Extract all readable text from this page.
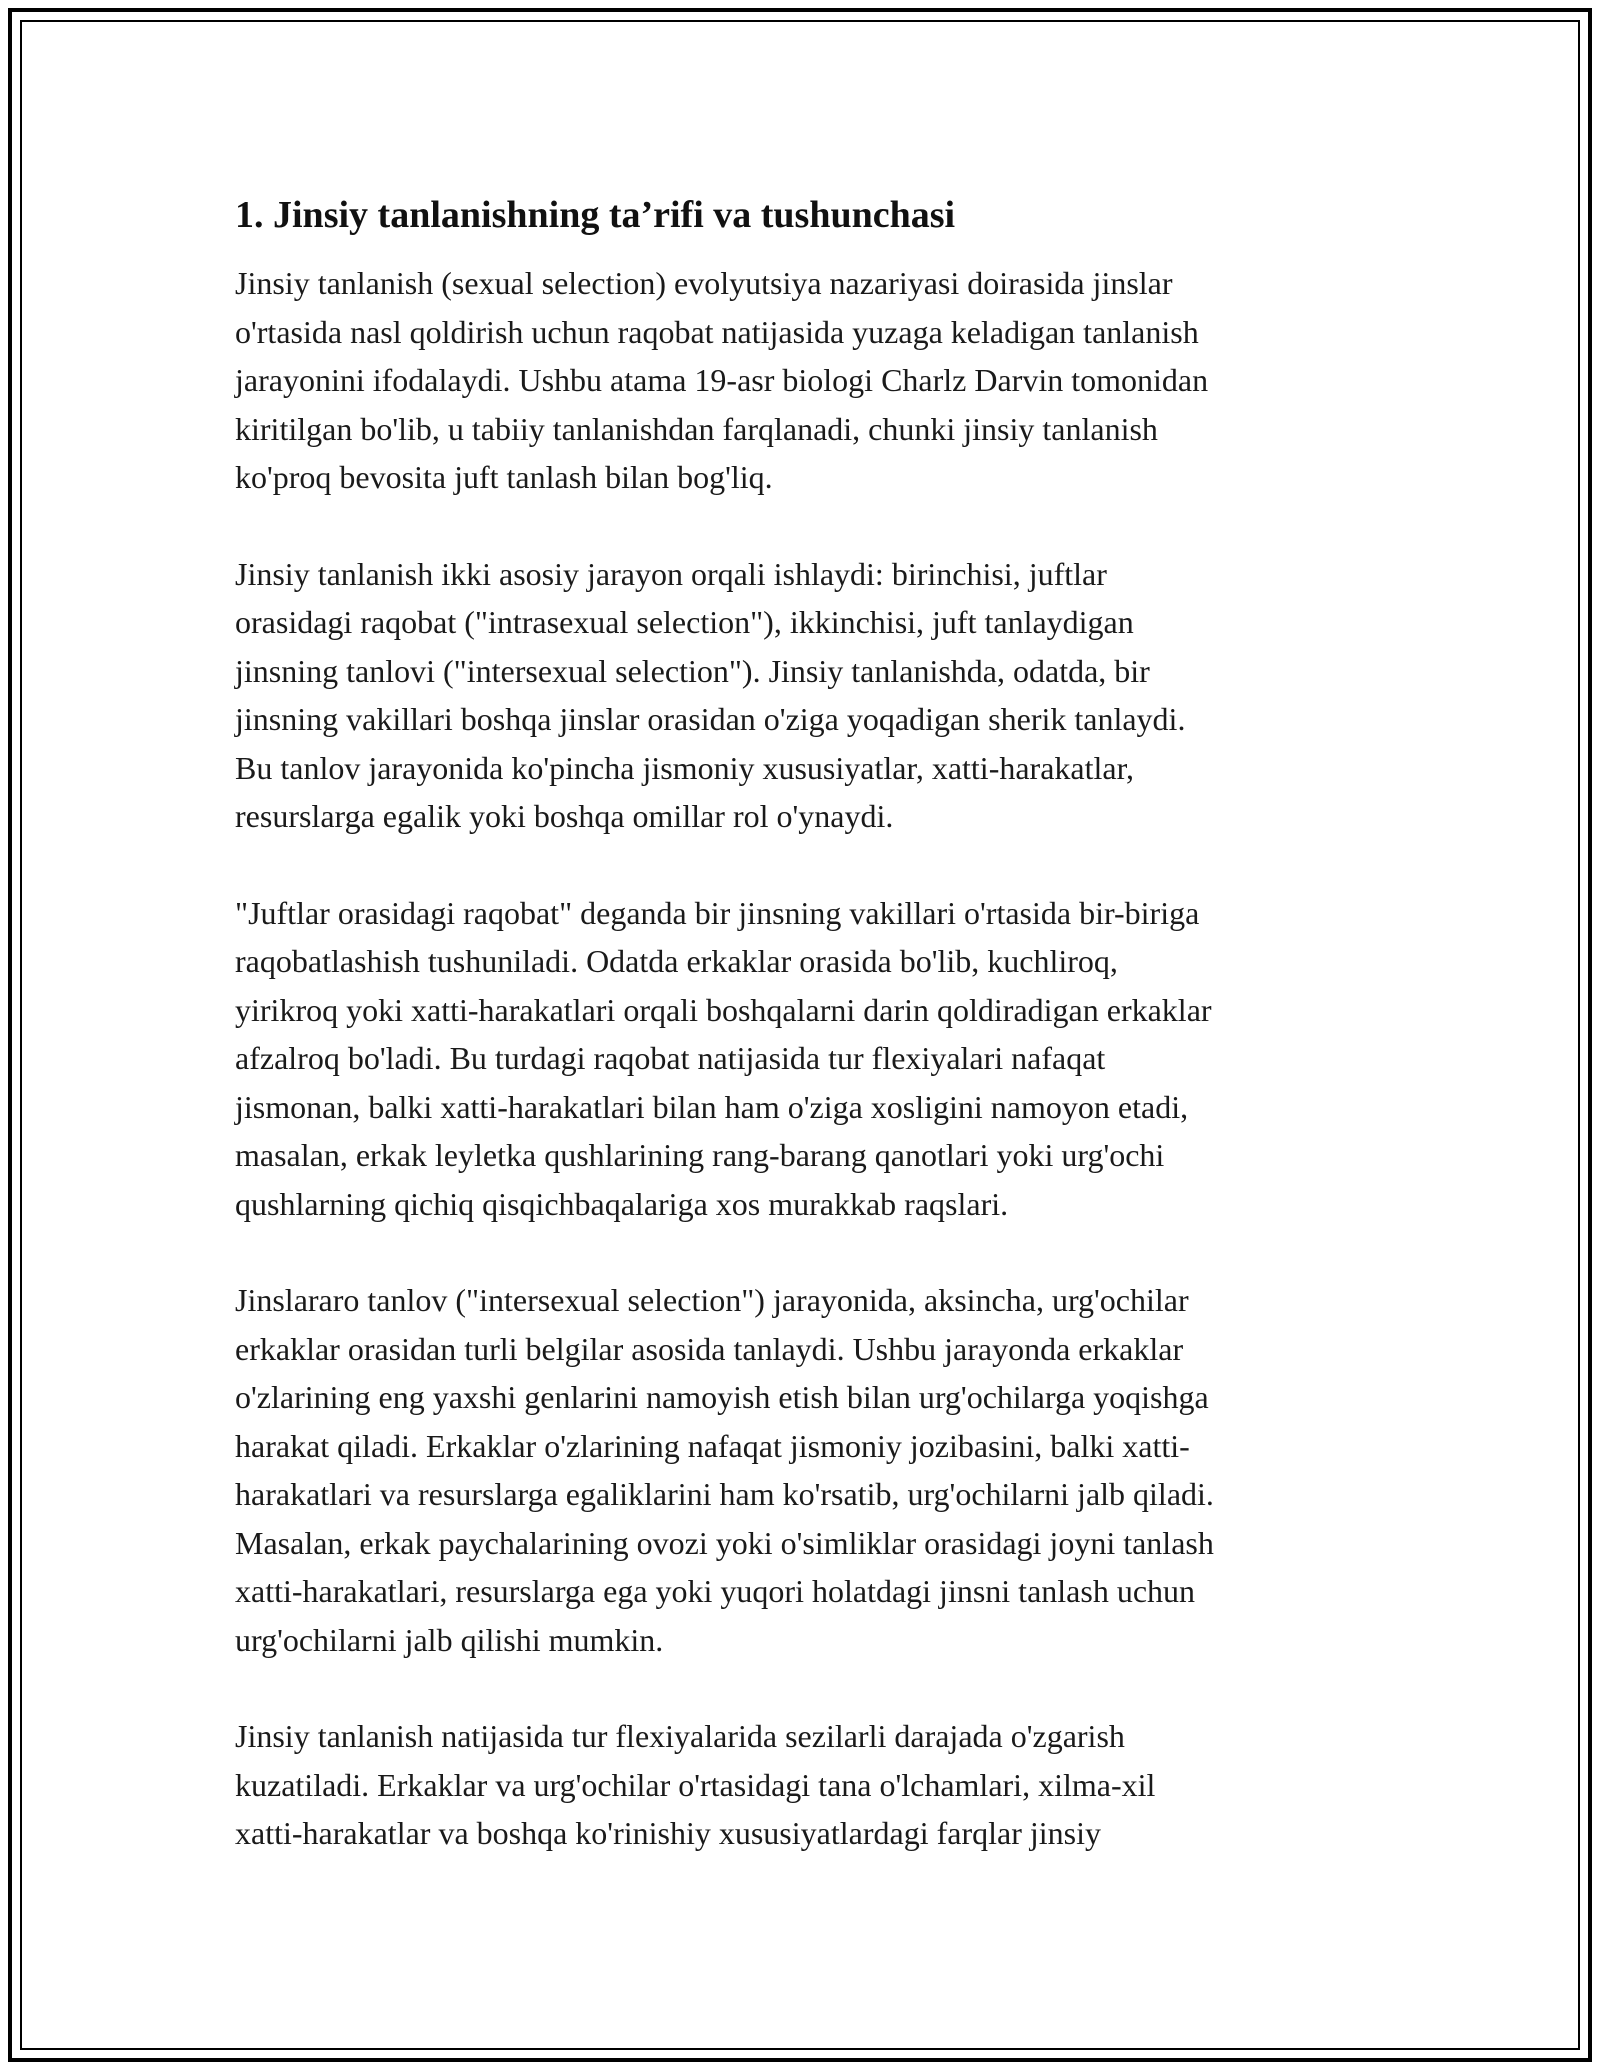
1. Jinsiy tanlanishning ta’rifi va tushunchasi

Jinsiy tanlanish (sexual selection) evolyutsiya nazariyasi doirasida jinslar
o'rtasida nasl qoldirish uchun raqobat natijasida yuzaga keladigan tanlanish
jarayonini ifodalaydi. Ushbu atama 19-asr biologi Charlz Darvin tomonidan
kiritilgan bo'lib, u tabiiy tanlanishdan farqlanadi, chunki jinsiy tanlanish
ko'proq bevosita juft tanlash bilan bog'liq.

Jinsiy tanlanish ikki asosiy jarayon orqali ishlaydi: birinchisi, juftlar
orasidagi raqobat ("intrasexual selection"), ikkinchisi, juft tanlaydigan
jinsning tanlovi ("intersexual selection"). Jinsiy tanlanishda, odatda, bir
jinsning vakillari boshqa jinslar orasidan o'ziga yoqadigan sherik tanlaydi.
Bu tanlov jarayonida ko'pincha jismoniy xususiyatlar, xatti-harakatlar,
resurslarga egalik yoki boshqa omillar rol o'ynaydi.

"Juftlar orasidagi raqobat" deganda bir jinsning vakillari o'rtasida bir-biriga
raqobatlashish tushuniladi. Odatda erkaklar orasida bo'lib, kuchliroq,
yirikroq yoki xatti-harakatlari orqali boshqalarni darin qoldiradigan erkaklar
afzalroq bo'ladi. Bu turdagi raqobat natijasida tur flexiyalari nafaqat
jismonan, balki xatti-harakatlari bilan ham o'ziga xosligini namoyon etadi,
masalan, erkak leyletka qushlarining rang-barang qanotlari yoki urg'ochi
qushlarning qichiq qisqichbaqalariga xos murakkab raqslari.

Jinslararo tanlov ("intersexual selection") jarayonida, aksincha, urg'ochilar
erkaklar orasidan turli belgilar asosida tanlaydi. Ushbu jarayonda erkaklar
o'zlarining eng yaxshi genlarini namoyish etish bilan urg'ochilarga yoqishga
harakat qiladi. Erkaklar o'zlarining nafaqat jismoniy jozibasini, balki xatti-
harakatlari va resurslarga egaliklarini ham ko'rsatib, urg'ochilarni jalb qiladi.
Masalan, erkak paychalarining ovozi yoki o'simliklar orasidagi joyni tanlash
xatti-harakatlari, resurslarga ega yoki yuqori holatdagi jinsni tanlash uchun
urg'ochilarni jalb qilishi mumkin.

Jinsiy tanlanish natijasida tur flexiyalarida sezilarli darajada o'zgarish
kuzatiladi. Erkaklar va urg'ochilar o'rtasidagi tana o'lchamlari, xilma-xil
xatti-harakatlar va boshqa ko'rinishiy xususiyatlardagi farqlar jinsiy
